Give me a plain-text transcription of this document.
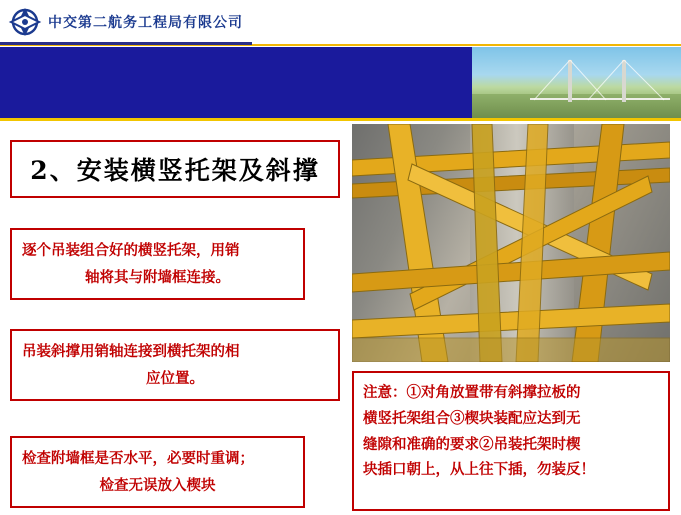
中交第二航务工程局有限公司
2、安装横竖托架及斜撑
逐个吊装组合好的横竖托架，用销
轴将其与附墙框连接。
吊装斜撑用销轴连接到横托架的相
应位置。
检查附墙框是否水平，必要时重调；
检查无误放入楔块
注意：①对角放置带有斜撑拉板的
横竖托架组合③楔块装配应达到无
缝隙和准确的要求②吊装托架时楔
块插口朝上，从上往下插，勿装反！
